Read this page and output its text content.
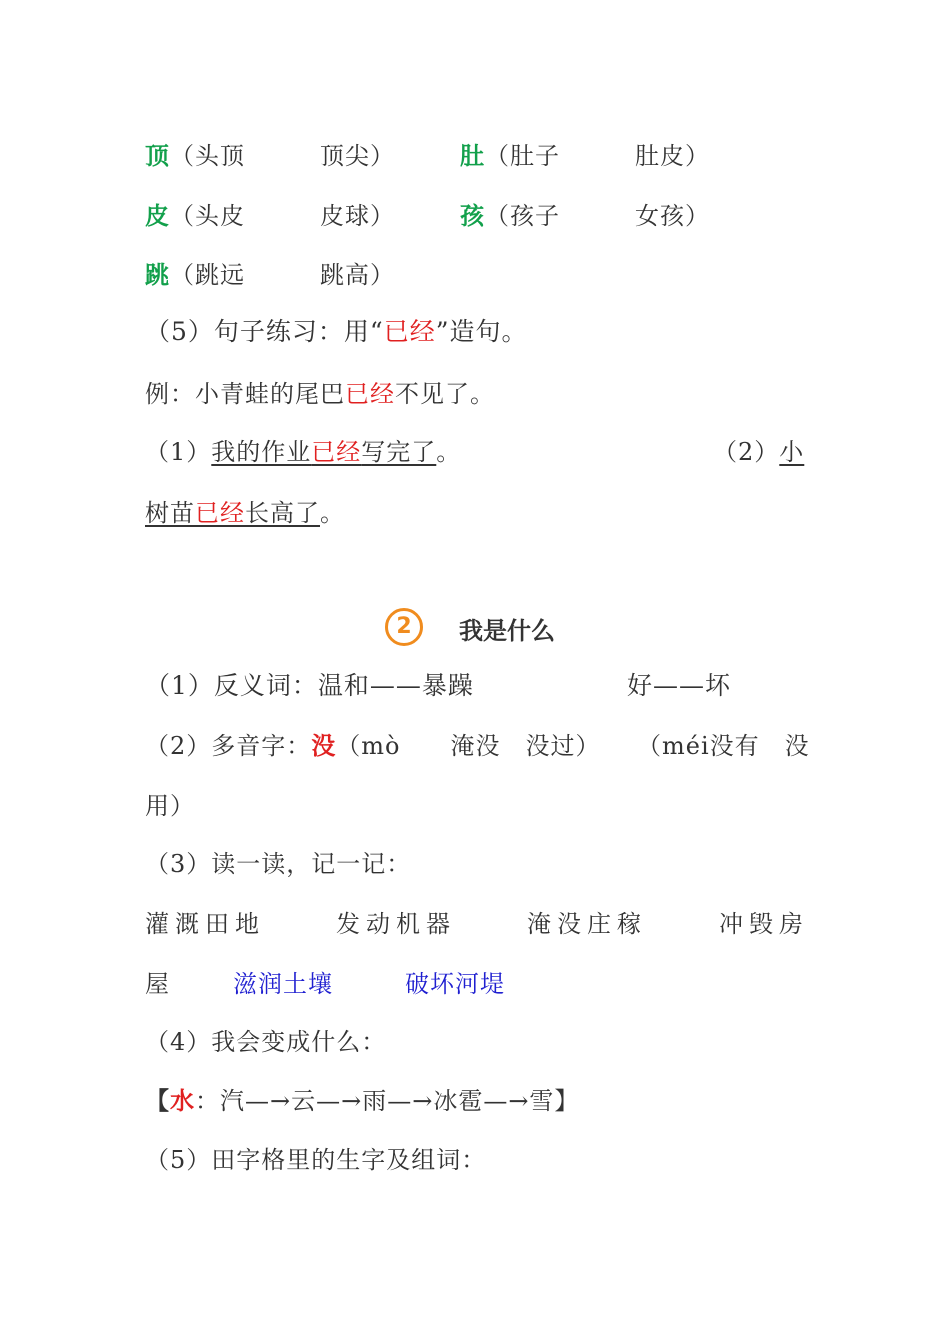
顶（头顶　　　顶尖）	肚（肚子　　　肚皮）
皮（头皮　　　皮球）	孩（孩子　　　女孩）
跳（跳远　　　跳高）
（5）句子练习：用“已经”造句。
例：小青蛙的尾巴已经不见了。
（1）我的作业已经写完了。	（2）小
树苗已经长高了。
2	我是什么
（1）反义词：温和——暴躁	好——坏
（2）多音字：没（mò　　淹没　没过） （méi没有　没
用）
（3）读一读，记一记：
灌溉田地	发动机器	淹没庄稼	冲毁房
屋	滋润土壤	破坏河堤
（4）我会变成什么：
【水：汽—→云—→雨—→冰雹—→雪】
（5）田字格里的生字及组词：
